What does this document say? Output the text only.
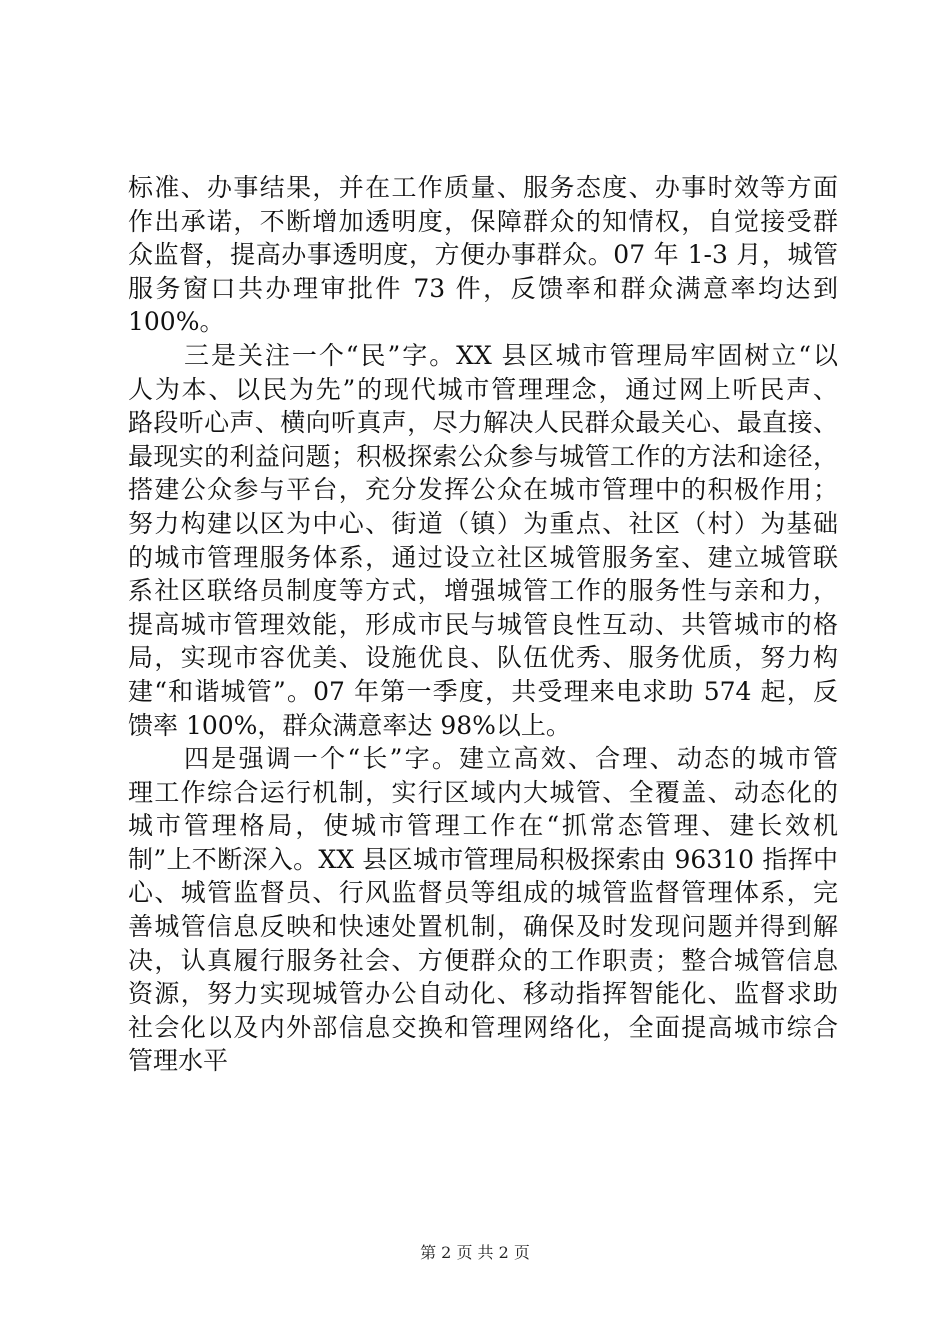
标准、办事结果，并在工作质量、服务态度、办事时效等方面
作出承诺，不断增加透明度，保障群众的知情权，自觉接受群
众监督，提高办事透明度，方便办事群众。07 年 1-3 月，城管
服务窗口共办理审批件 73 件，反馈率和群众满意率均达到
100%。
三是关注一个“民”字。XX 县区城市管理局牢固树立“以
人为本、以民为先”的现代城市管理理念，通过网上听民声、
路段听心声、横向听真声，尽力解决人民群众最关心、最直接、
最现实的利益问题；积极探索公众参与城管工作的方法和途径，
搭建公众参与平台，充分发挥公众在城市管理中的积极作用；
努力构建以区为中心、街道（镇）为重点、社区（村）为基础
的城市管理服务体系，通过设立社区城管服务室、建立城管联
系社区联络员制度等方式，增强城管工作的服务性与亲和力，
提高城市管理效能，形成市民与城管良性互动、共管城市的格
局，实现市容优美、设施优良、队伍优秀、服务优质，努力构
建“和谐城管”。07 年第一季度，共受理来电求助 574 起，反
馈率 100%，群众满意率达 98%以上。
四是强调一个“长”字。建立高效、合理、动态的城市管
理工作综合运行机制，实行区域内大城管、全覆盖、动态化的
城市管理格局，使城市管理工作在“抓常态管理、建长效机
制”上不断深入。XX 县区城市管理局积极探索由 96310 指挥中
心、城管监督员、行风监督员等组成的城管监督管理体系，完
善城管信息反映和快速处置机制，确保及时发现问题并得到解
决，认真履行服务社会、方便群众的工作职责；整合城管信息
资源，努力实现城管办公自动化、移动指挥智能化、监督求助
社会化以及内外部信息交换和管理网络化，全面提高城市综合
管理水平
第 2 页 共 2 页
